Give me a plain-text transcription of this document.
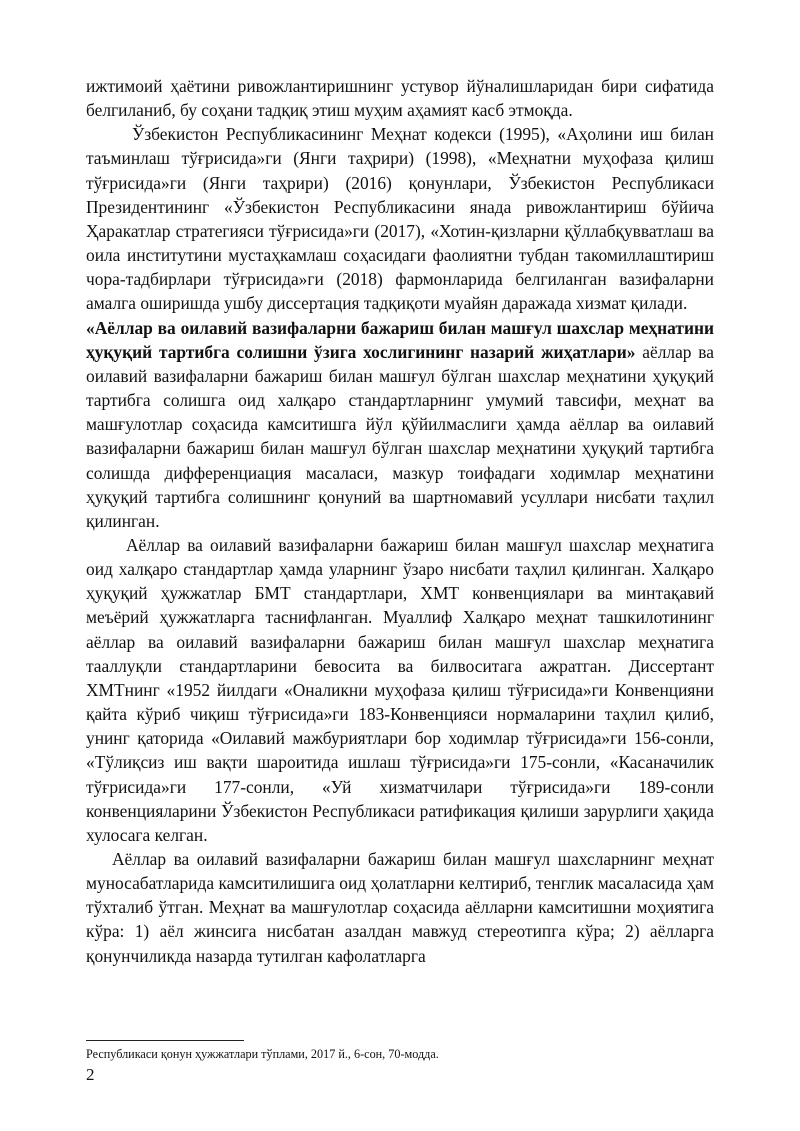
ижтимоий ҳаётини ривожлантиришнинг устувор йўналишларидан бири сифатида белгиланиб, бу соҳани тадқиқ этиш муҳим аҳамият касб этмоқда.

Ўзбекистон Республикасининг Меҳнат кодекси (1995), «Аҳолини иш билан таъминлаш тўғрисида»ги (Янги таҳрири) (1998), «Меҳнатни муҳофаза қилиш тўғрисида»ги (Янги таҳрири) (2016) қонунлари, Ўзбекистон Республикаси Президентининг «Ўзбекистон Республикасини янада ривожлантириш бўйича Ҳаракатлар стратегияси тўғрисида»ги (2017), «Хотин-қизларни қўллабқувватлаш ва оила институтини мустаҳкамлаш соҳасидаги фаолиятни тубдан такомиллаштириш чора-тадбирлари тўғрисида»ги (2018) фармонларида белгиланган вазифаларни амалга оширишда ушбу диссертация тадқиқоти муайян даражада хизмат қилади.

«Аёллар ва оилавий вазифаларни бажариш билан машғул шахслар меҳнатини ҳуқуқий тартибга солишни ўзига хослигининг назарий жиҳатлари» аёллар ва оилавий вазифаларни бажариш билан машғул бўлган шахслар меҳнатини ҳуқуқий тартибга солишга оид халқаро стандартларнинг умумий тавсифи, меҳнат ва машғулотлар соҳасида камситишга йўл қўйилмаслиги ҳамда аёллар ва оилавий вазифаларни бажариш билан машғул бўлган шахслар меҳнатини ҳуқуқий тартибга солишда дифференциация масаласи, мазкур тоифадаги ходимлар меҳнатини ҳуқуқий тартибга солишнинг қонуний ва шартномавий усуллари нисбати таҳлил қилинган.

Аёллар ва оилавий вазифаларни бажариш билан машғул шахслар меҳнатига оид халқаро стандартлар ҳамда уларнинг ўзаро нисбати таҳлил қилинган. Халқаро ҳуқуқий ҳужжатлар БМТ стандартлари, ХМТ конвенциялари ва минтақавий меъёрий ҳужжатларга таснифланган. Муаллиф Халқаро меҳнат ташкилотининг аёллар ва оилавий вазифаларни бажариш билан машғул шахслар меҳнатига тааллуқли стандартларини бевосита ва билвоситага ажратган. Диссертант ХМТнинг «1952 йилдаги «Оналикни муҳофаза қилиш тўғрисида»ги Конвенцияни қайта кўриб чиқиш тўғрисида»ги 183-Конвенцияси нормаларини таҳлил қилиб, унинг қаторида «Оилавий мажбуриятлари бор ходимлар тўғрисида»ги 156-сонли, «Тўлиқсиз иш вақти шароитида ишлаш тўғрисида»ги 175-сонли, «Касаначилик тўғрисида»ги 177-сонли, «Уй хизматчилари тўғрисида»ги 189-сонли конвенцияларини Ўзбекистон Республикаси ратификация қилиши зарурлиги ҳақида хулосага келган.

Аёллар ва оилавий вазифаларни бажариш билан машғул шахсларнинг меҳнат муносабатларида камситилишига оид ҳолатларни келтириб, тенглик масаласида ҳам тўхталиб ўтган. Меҳнат ва машғулотлар соҳасида аёлларни камситишни моҳиятига кўра: 1) аёл жинсига нисбатан азалдан мавжуд стереотипга кўра; 2) аёлларга қонунчиликда назарда тутилган кафолатларга

Республикаси қонун ҳужжатлари тўплами, 2017 й., 6-сон, 70-модда.
2
